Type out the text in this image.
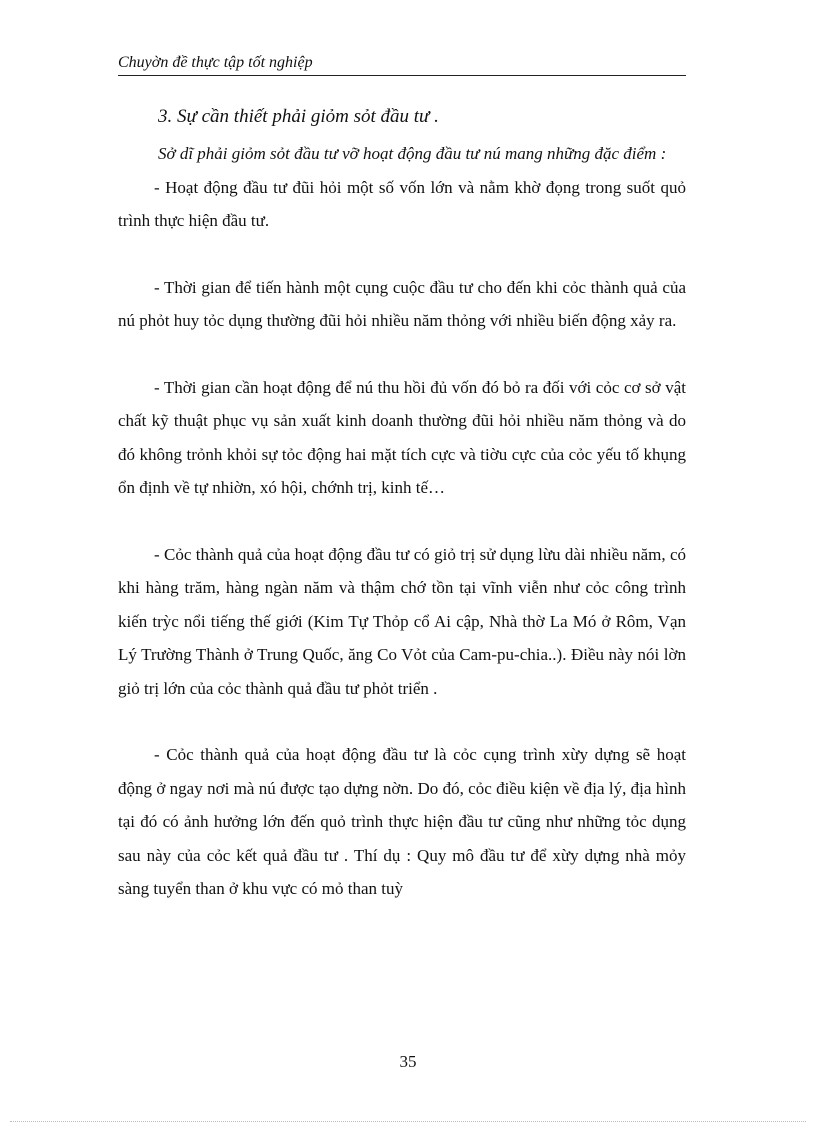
Chuyờn đề thực tập tốt nghiệp

3. Sự cần thiết phải giỏm sỏt đầu tư .

Sở dĩ phải giỏm sỏt đầu tư vỡ hoạt động đầu tư nú mang những đặc điểm :

- Hoạt động đầu tư đũi hỏi một số vốn lớn và nằm khờ đọng trong suốt quỏ trình thực hiện đầu tư.

- Thời gian để tiến hành một cụng cuộc đầu tư cho đến khi cỏc thành quả của nú phỏt huy tỏc dụng thường đũi hỏi nhiều năm thỏng với nhiều biến động xảy ra.

- Thời gian cần hoạt động để nú thu hồi đủ vốn đó bỏ ra đối với cỏc cơ sở vật chất kỹ thuật phục vụ sản xuất kinh doanh thường đũi hỏi nhiều năm thỏng và do đó không trỏnh khỏi sự tỏc động hai mặt tích cực và tiờu cực của cỏc yếu tố khụng ổn định về tự nhiờn, xó hội, chớnh trị, kinh tế…

- Cỏc thành quả của hoạt động đầu tư có giỏ trị sử dụng lừu dài nhiều năm, có khi hàng trăm, hàng ngàn năm và thậm chớ tồn tại vĩnh viễn như cỏc công trình kiến trỳc nổi tiếng thế giới (Kim Tự Thỏp cổ Ai cập, Nhà thờ La Mó ở Rôm, Vạn Lý Trường Thành ở Trung Quốc, ăng Co Vỏt của Cam-pu-chia..). Điều này nói lờn giỏ trị lớn của cỏc thành quả đầu tư phỏt triển .

- Cỏc thành quả của hoạt động đầu tư là cỏc cụng trình xừy dựng sẽ hoạt động ở ngay nơi mà nú được tạo dựng nờn. Do đó, cỏc điều kiện về địa lý, địa hình tại đó có ảnh hưởng lớn đến quỏ trình thực hiện đầu tư cũng như những tỏc dụng sau này của cỏc kết quả đầu tư . Thí dụ : Quy mô đầu tư để xừy dựng nhà mỏy sàng tuyển than ở khu vực có mỏ than tuỳ

35
